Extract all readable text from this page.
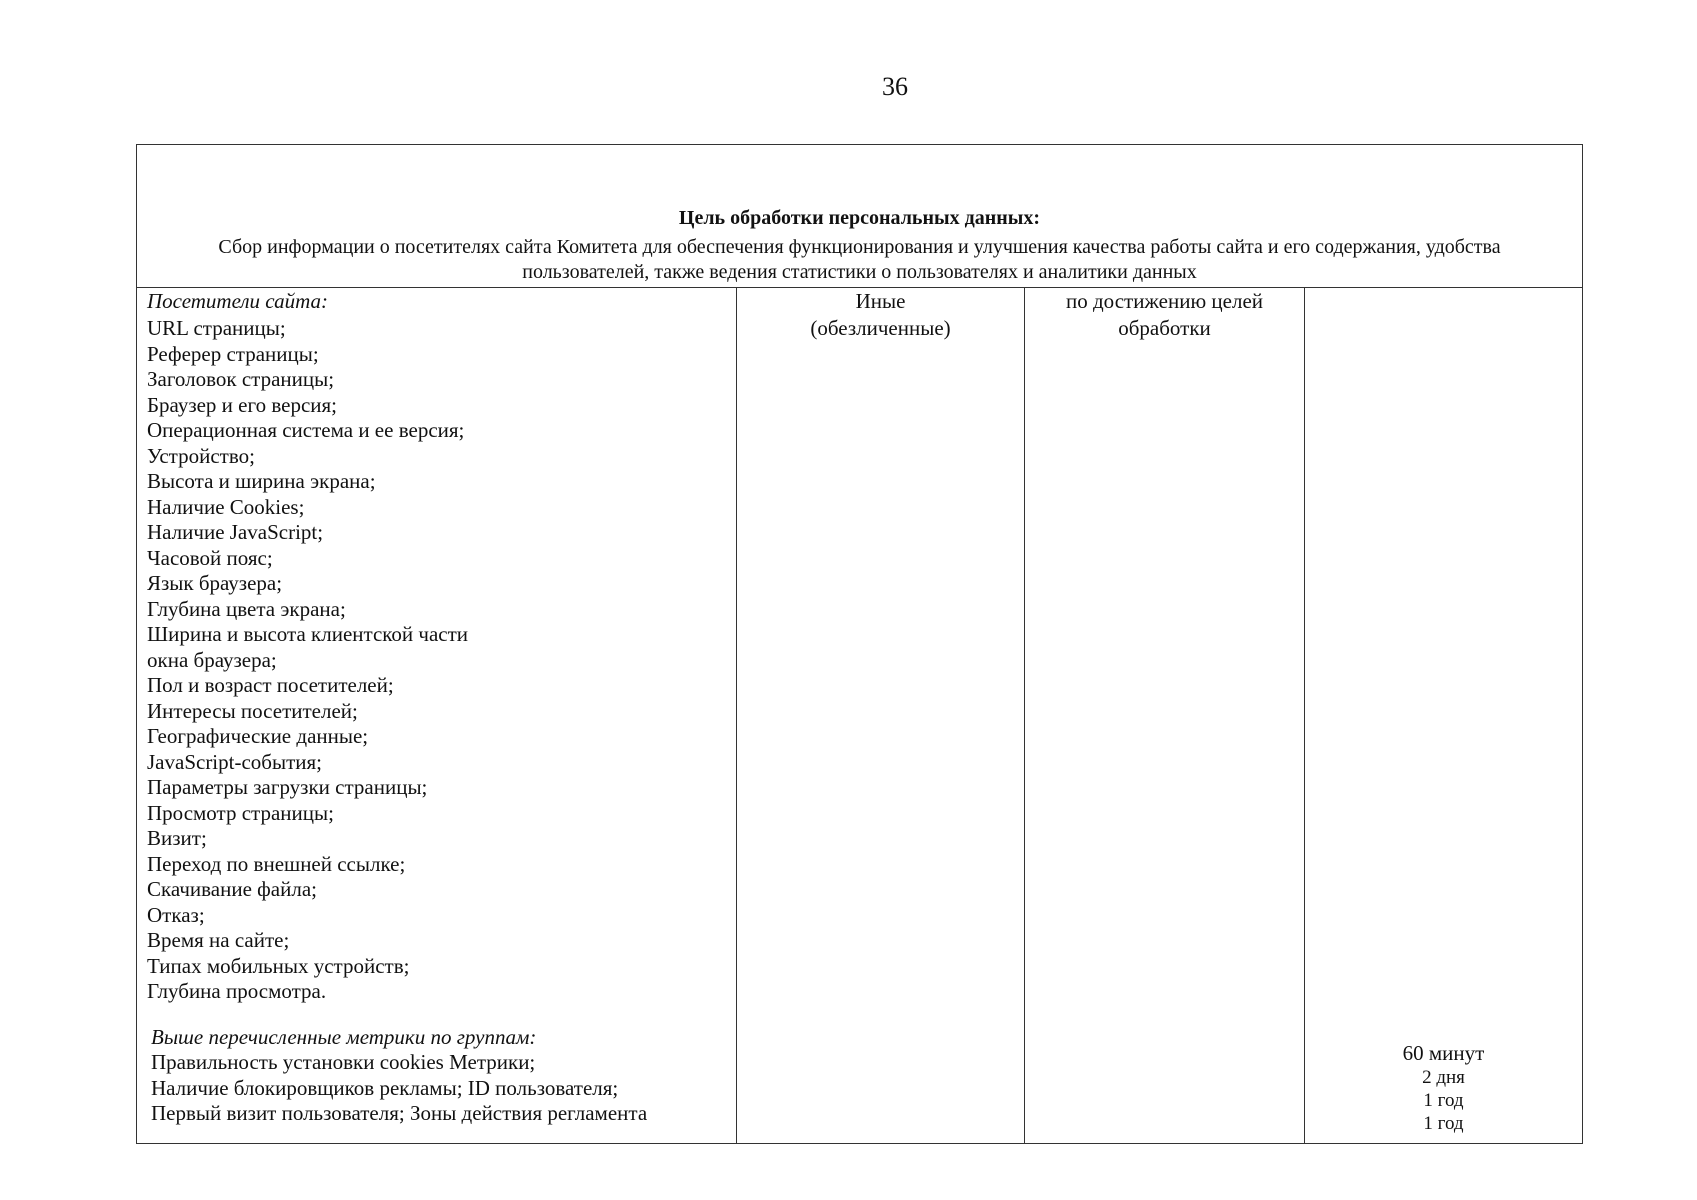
36
Цель обработки персональных данных:
Сбор информации о посетителях сайта Комитета для обеспечения функционирования и улучшения качества работы сайта и его содержания, удобства пользователей, также ведения статистики о пользователях и аналитики данных
Посетители сайта:
URL страницы;
Реферер страницы;
Заголовок страницы;
Браузер и его версия;
Операционная система и ее версия;
Устройство;
Высота и ширина экрана;
Наличие Cookies;
Наличие JavaScript;
Часовой пояс;
Язык браузера;
Глубина цвета экрана;
Ширина и высота клиентской части
окна браузера;
Пол и возраст посетителей;
Интересы посетителей;
Географические данные;
JavaScript-события;
Параметры загрузки страницы;
Просмотр страницы;
Визит;
Переход по внешней ссылке;
Скачивание файла;
Отказ;
Время на сайте;
Типах мобильных устройств;
Глубина просмотра.
Выше перечисленные метрики по группам:
Правильность установки cookies Метрики;
Наличие блокировщиков рекламы; ID пользователя;
Первый визит пользователя; Зоны действия регламента
Иные
(обезличенные)
по достижению целей
обработки
60 минут
2 дня
1 год
1 год
